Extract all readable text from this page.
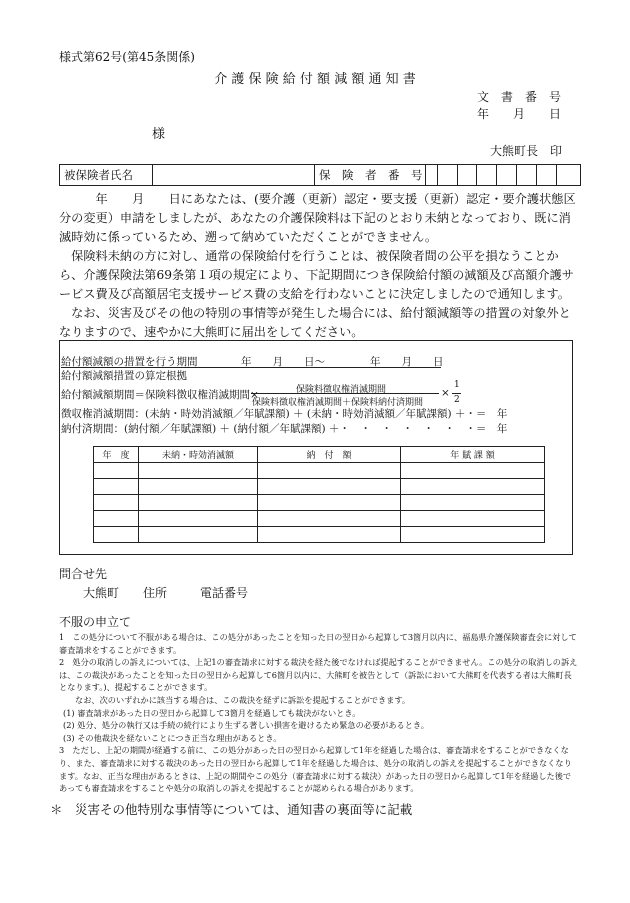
様式第62号(第45条関係)
介 護 保 険 給 付 額 減 額 通 知 書
文　書　番　号
年　　月　　日
様
大熊町長　印
被保険者氏名	保　険　者　番　号

　　　年　　月　　日にあなたは、(要介護（更新）認定・要支援（更新）認定・要介護状態区分の変更）申請をしましたが、あなたの介護保険料は下記のとおり未納となっており、既に消滅時効に係っているため、遡って納めていただくことができません。

　保険料未納の方に対し、通常の保険給付を行うことは、被保険者間の公平を損なうことから、介護保険法第69条第１項の規定により、下記期間につき保険給付額の減額及び高額介護サービス費及び高額居宅支援サービス費の支給を行わないことに決定しましたので通知します。

　なお、災害及びその他の特別の事情等が発生した場合には、給付額減額等の措置の対象外となりますので、速やかに大熊町に届出をしてください。

給付額減額の措置を行う期間	年　　月　　日～	年　　月　　日
給付額減額措置の算定根拠
給付額減額期間＝保険料徴収権消滅期間×	保険料徴収権消滅期間
保険料徴収権消滅期間＋保険料納付済期間
×
1
2
徴収権消滅期間：(未納・時効消滅額／年賦課額) ＋ (未納・時効消滅額／年賦課額) ＋・＝　年
納付済期間：(納付額／年賦課額) ＋ (納付額／年賦課額) ＋・　・　・　・　・　・　・＝　年
年　度	未納・時効消滅額	納　付　額	年 賦 課 額

問合せ先
大熊町 住所	電話番号
不服の申立て

1　この処分について不服がある場合は、この処分があったことを知った日の翌日から起算して3箇月以内に、福島県介護保険審査会に対して審査請求をすることができます。

2　処分の取消しの訴えについては、上記1の審査請求に対する裁決を経た後でなければ提起することができません。この処分の取消しの訴えは、この裁決があったことを知った日の翌日から起算して6箇月以内に、大熊町を被告として（訴訟において大熊町を代表する者は大熊町長となります。)、提起することができます。

なお、次のいずれかに該当する場合は、この裁決を経ずに訴訟を提起することができます。

(1) 審査請求があった日の翌日から起算して3箇月を経過しても裁決がないとき。

(2) 処分、処分の執行又は手続の続行により生ずる著しい損害を避けるため緊急の必要があるとき。

(3) その他裁決を経ないことにつき正当な理由があるとき。

3　ただし、上記の期間が経過する前に、この処分があった日の翌日から起算して1年を経過した場合は、審査請求をすることができなくなり、また、審査請求に対する裁決のあった日の翌日から起算して1年を経過した場合は、処分の取消しの訴えを提起することができなくなります。なお、正当な理由があるときは、上記の期間やこの処分（審査請求に対する裁決）があった日の翌日から起算して1年を経過した後であっても審査請求をすることや処分の取消しの訴えを提起することが認められる場合があります。

＊　災害その他特別な事情等については、通知書の裏面等に記載
